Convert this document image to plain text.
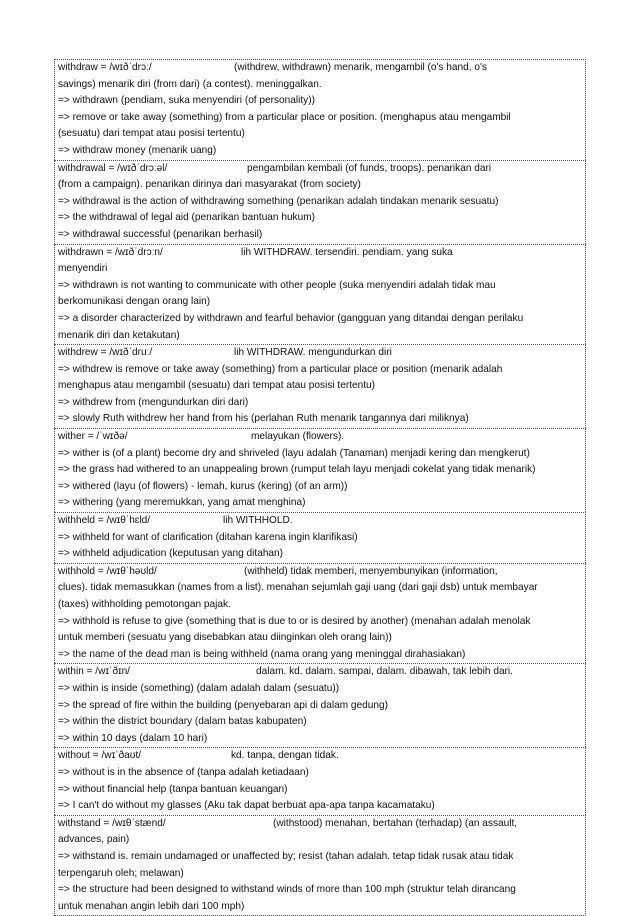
withdraw = /wɪðˈdrɔː/	(withdrew, withdrawn) menarik, mengambil (o's hand, o's
savings) menarik diri (from dari) (a contest). meninggalkan.
=> withdrawn (pendiam, suka menyendiri (of personality))
=> remove or take away (something) from a particular place or position. (menghapus atau mengambil
(sesuatu) dari tempat atau posisi tertentu)
=> withdraw money (menarik uang)
withdrawal = /wɪðˈdrɔːəl/	pengambilan kembali (of funds, troops). penarikan dari
(from a campaign). penarikan dirinya dari masyarakat (from society)
=> withdrawal is the action of withdrawing something (penarikan adalah tindakan menarik sesuatu)
=> the withdrawal of legal aid (penarikan bantuan hukum)
=> withdrawal successful (penarikan berhasil)
withdrawn = /wɪðˈdrɔːn/	lih WITHDRAW. tersendiri. pendiam. yang suka
menyendiri
=> withdrawn is not wanting to communicate with other people (suka menyendiri adalah tidak mau
berkomunikasi dengan orang lain)
=> a disorder characterized by withdrawn and fearful behavior (gangguan yang ditandai dengan perilaku
menarik diri dan ketakutan)
withdrew = /wɪðˈdruː/	lih WITHDRAW. mengundurkan diri
=> withdrew is remove or take away (something) from a particular place or position (menarik adalah
menghapus atau mengambil (sesuatu) dari tempat atau posisi tertentu)
=> withdrew from (mengundurkan diri dari)
=> slowly Ruth withdrew her hand from his (perlahan Ruth menarik tangannya dari miliknya)
wither = /ˈwɪðə/	melayukan (flowers).
=> wither is (of a plant) become dry and shriveled (layu adalah (Tanaman) menjadi kering dan mengkerut)
=> the grass had withered to an unappealing brown (rumput telah layu menjadi cokelat yang tidak menarik)
=> withered (layu (of flowers) - lemah, kurus (kering) (of an arm))
=> withering (yang meremukkan, yang amat menghina)
withheld = /wɪθˈhɛld/	lih WITHHOLD.
=> withheld for want of clarification (ditahan karena ingin klarifikasi)
=> withheld adjudication (keputusan yang ditahan)
withhold = /wɪθˈhəʊld/	(withheld) tidak memberi, menyembunyikan (information,
clues). tidak memasukkan (names from a list). menahan sejumlah gaji uang (dari gaji dsb) untuk membayar
(taxes) withholding pemotongan pajak.
=> withhold is refuse to give (something that is due to or is desired by another) (menahan adalah menolak
untuk memberi (sesuatu yang disebabkan atau diinginkan oleh orang lain))
=> the name of the dead man is being withheld (nama orang yang meninggal dirahasiakan)
within = /wɪˈðɪn/	dalam. kd. dalam. sampai, dalam. dibawah, tak lebih dari.
=> within is inside (something) (dalam adalah dalam (sesuatu))
=> the spread of fire within the building (penyebaran api di dalam gedung)
=> within the district boundary (dalam batas kabupaten)
=> within 10 days (dalam 10 hari)
without = /wɪˈðaʊt/	kd. tanpa, dengan tidak.
=> without is in the absence of (tanpa adalah ketiadaan)
=> without financial help (tanpa bantuan keuangan)
=> I can't do without my glasses (Aku tak dapat berbuat apa-apa tanpa kacamataku)
withstand = /wɪθˈstænd/	(withstood) menahan, bertahan (terhadap) (an assault,
advances, pain)
=> withstand is. remain undamaged or unaffected by; resist (tahan adalah. tetap tidak rusak atau tidak
terpengaruh oleh; melawan)
=> the structure had been designed to withstand winds of more than 100 mph (struktur telah dirancang
untuk menahan angin lebih dari 100 mph)
